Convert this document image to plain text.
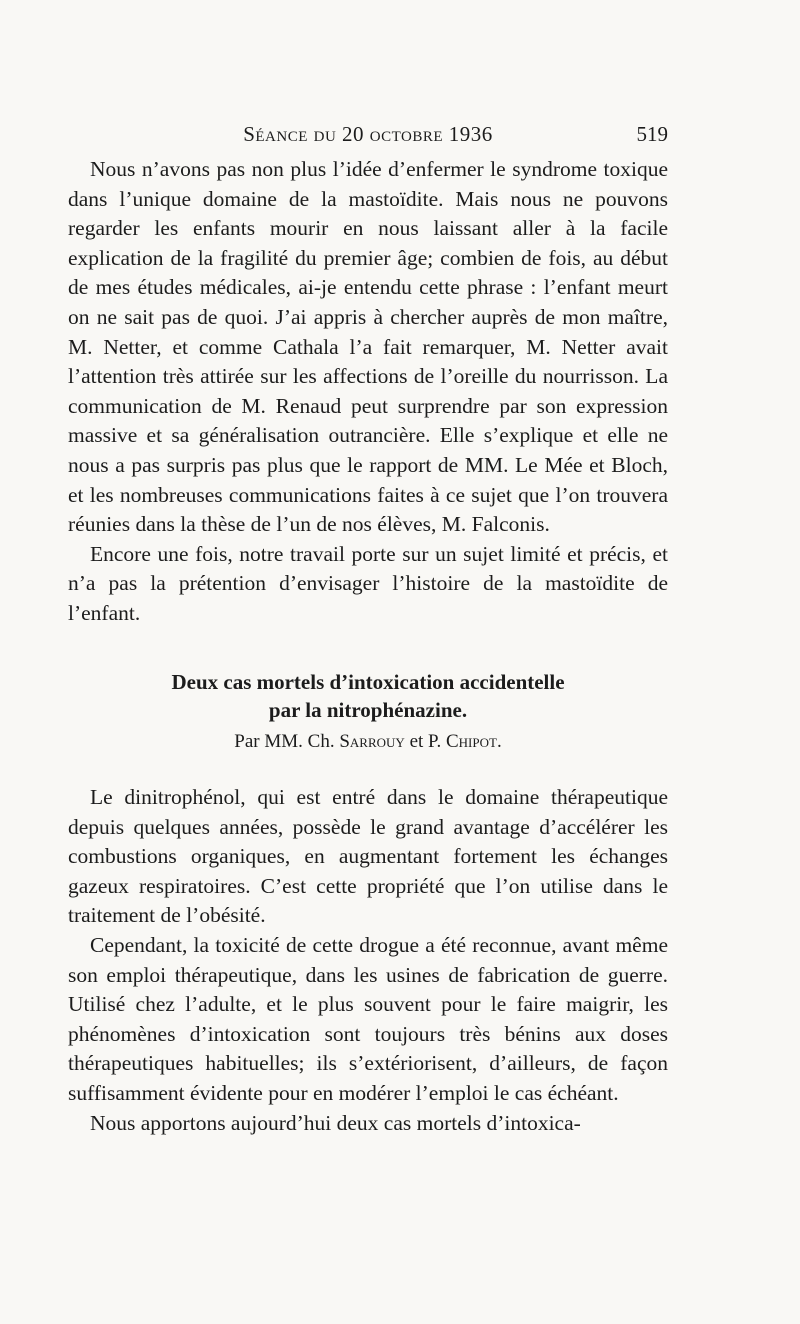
Séance du 20 octobre 1936	519

Nous n’avons pas non plus l’idée d’enfermer le syndrome toxique dans l’unique domaine de la mastoïdite. Mais nous ne pouvons regarder les enfants mourir en nous laissant aller à la facile explication de la fragilité du premier âge; combien de fois, au début de mes études médicales, ai-je entendu cette phrase : l’enfant meurt on ne sait pas de quoi. J’ai appris à chercher auprès de mon maître, M. Netter, et comme Cathala l’a fait remarquer, M. Netter avait l’attention très attirée sur les affections de l’oreille du nourrisson. La communication de M. Renaud peut surprendre par son expression massive et sa généralisation outrancière. Elle s’explique et elle ne nous a pas surpris pas plus que le rapport de MM. Le Mée et Bloch, et les nombreuses communications faites à ce sujet que l’on trouvera réunies dans la thèse de l’un de nos élèves, M. Falconis.

Encore une fois, notre travail porte sur un sujet limité et précis, et n’a pas la prétention d’envisager l’histoire de la mastoïdite de l’enfant.

Deux cas mortels d’intoxication accidentelle
par la nitrophénazine.
Par MM. Ch. Sarrouy et P. Chipot.

Le dinitrophénol, qui est entré dans le domaine thérapeutique depuis quelques années, possède le grand avantage d’accélérer les combustions organiques, en augmentant fortement les échanges gazeux respiratoires. C’est cette propriété que l’on utilise dans le traitement de l’obésité.

Cependant, la toxicité de cette drogue a été reconnue, avant même son emploi thérapeutique, dans les usines de fabrication de guerre. Utilisé chez l’adulte, et le plus souvent pour le faire maigrir, les phénomènes d’intoxication sont toujours très bénins aux doses thérapeutiques habituelles; ils s’extériorisent, d’ailleurs, de façon suffisamment évidente pour en modérer l’emploi le cas échéant.

Nous apportons aujourd’hui deux cas mortels d’intoxica-
